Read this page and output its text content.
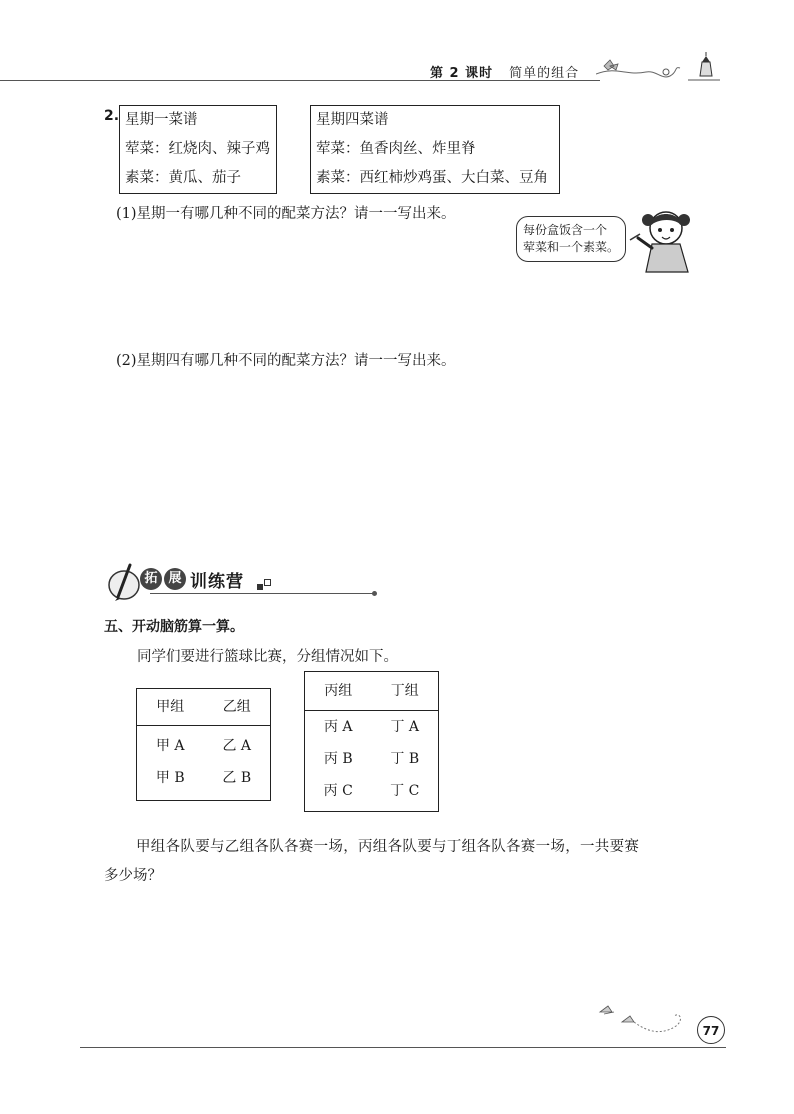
第 2 课时 简单的组合
2. 星期一菜谱
荤菜：红烧肉、辣子鸡
素菜：黄瓜、茄子
星期四菜谱
荤菜：鱼香肉丝、炸里脊
素菜：西红柿炒鸡蛋、大白菜、豆角
(1)星期一有哪几种不同的配菜方法？请一一写出来。
每份盒饭含一个
荤菜和一个素菜。
(2)星期四有哪几种不同的配菜方法？请一一写出来。
拓 展 训练营
五、开动脑筋算一算。
同学们要进行篮球比赛，分组情况如下。
甲组	乙组
甲 A	乙 A
甲 B	乙 B
丙组	丁组
丙 A	丁 A
丙 B	丁 B
丙 C	丁 C
甲组各队要与乙组各队各赛一场，丙组各队要与丁组各队各赛一场，一共要赛
多少场？
77
